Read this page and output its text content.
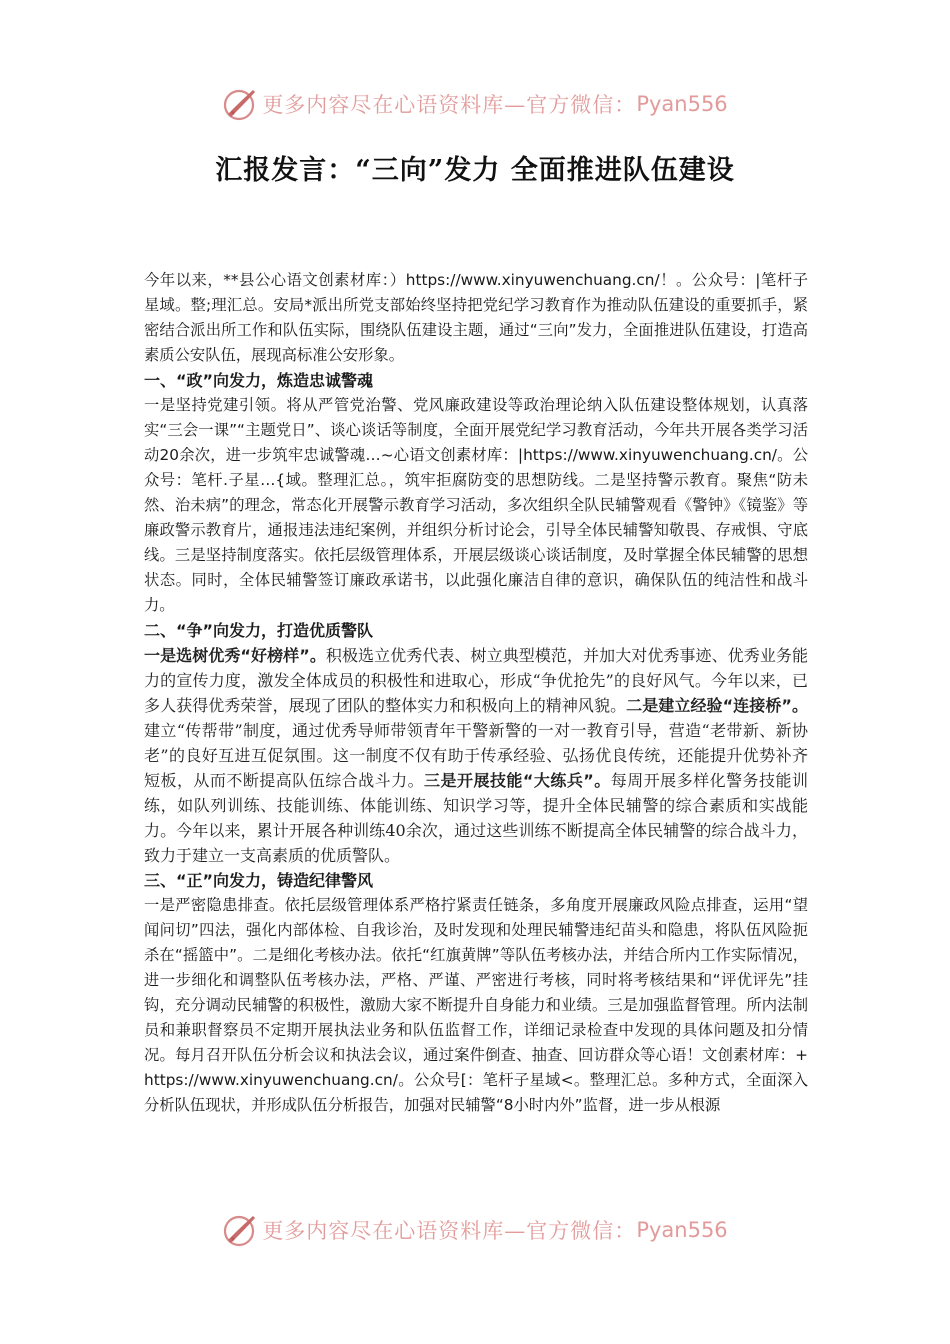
更多内容尽在心语资料库—官方微信： Pyan556
汇报发言：“三向”发力 全面推进队伍建设

今年以来，**县公心语文创素材库：）https://www.xinyuwenchuang.cn/！。公众号：|笔杆子星域。整;理汇总。安局*派出所党支部始终坚持把党纪学习教育作为推动队伍建设的重要抓手，紧密结合派出所工作和队伍实际，围绕队伍建设主题，通过“三向”发力，全面推进队伍建设，打造高素质公安队伍，展现高标准公安形象。

一、“政”向发力，炼造忠诚警魂

一是坚持党建引领。将从严管党治警、党风廉政建设等政治理论纳入队伍建设整体规划，认真落实“三会一课”“主题党日”、谈心谈话等制度，全面开展党纪学习教育活动，今年共开展各类学习活动20余次，进一步筑牢忠诚警魂…~心语文创素材库：|https://www.xinyuwenchuang.cn/。公众号：笔杆.子星…{域。整理汇总。，筑牢拒腐防变的思想防线。二是坚持警示教育。聚焦“防未然、治未病”的理念，常态化开展警示教育学习活动，多次组织全队民辅警观看《警钟》《镜鉴》等廉政警示教育片，通报违法违纪案例，并组织分析讨论会，引导全体民辅警知敬畏、存戒惧、守底线。三是坚持制度落实。依托层级管理体系，开展层级谈心谈话制度，及时掌握全体民辅警的思想状态。同时，全体民辅警签订廉政承诺书，以此强化廉洁自律的意识，确保队伍的纯洁性和战斗力。

二、“争”向发力，打造优质警队

一是选树优秀“好榜样”。积极选立优秀代表、树立典型模范，并加大对优秀事迹、优秀业务能力的宣传力度，激发全体成员的积极性和进取心，形成“争优抢先”的良好风气。今年以来，已多人获得优秀荣誉，展现了团队的整体实力和积极向上的精神风貌。二是建立经验“连接桥”。建立“传帮带”制度，通过优秀导师带领青年干警新警的一对一教育引导，营造“老带新、新协老”的良好互进互促氛围。这一制度不仅有助于传承经验、弘扬优良传统，还能提升优势补齐短板，从而不断提高队伍综合战斗力。三是开展技能“大练兵”。每周开展多样化警务技能训练，如队列训练、技能训练、体能训练、知识学习等，提升全体民辅警的综合素质和实战能力。今年以来，累计开展各种训练40余次，通过这些训练不断提高全体民辅警的综合战斗力，致力于建立一支高素质的优质警队。

三、“正”向发力，铸造纪律警风

一是严密隐患排查。依托层级管理体系严格拧紧责任链条，多角度开展廉政风险点排查，运用“望闻问切”四法，强化内部体检、自我诊治，及时发现和处理民辅警违纪苗头和隐患，将队伍风险扼杀在“摇篮中”。二是细化考核办法。依托“红旗黄牌”等队伍考核办法，并结合所内工作实际情况，进一步细化和调整队伍考核办法，严格、严谨、严密进行考核，同时将考核结果和“评优评先”挂钩，充分调动民辅警的积极性，激励大家不断提升自身能力和业绩。三是加强监督管理。所内法制员和兼职督察员不定期开展执法业务和队伍监督工作，详细记录检查中发现的具体问题及扣分情况。每月召开队伍分析会议和执法会议，通过案件倒查、抽查、回访群众等心语！文创素材库：+https://www.xinyuwenchuang.cn/。公众号[：笔杆子星域<。整理汇总。多种方式，全面深入分析队伍现状，并形成队伍分析报告，加强对民辅警“8小时内外”监督，进一步从根源

更多内容尽在心语资料库—官方微信： Pyan556
